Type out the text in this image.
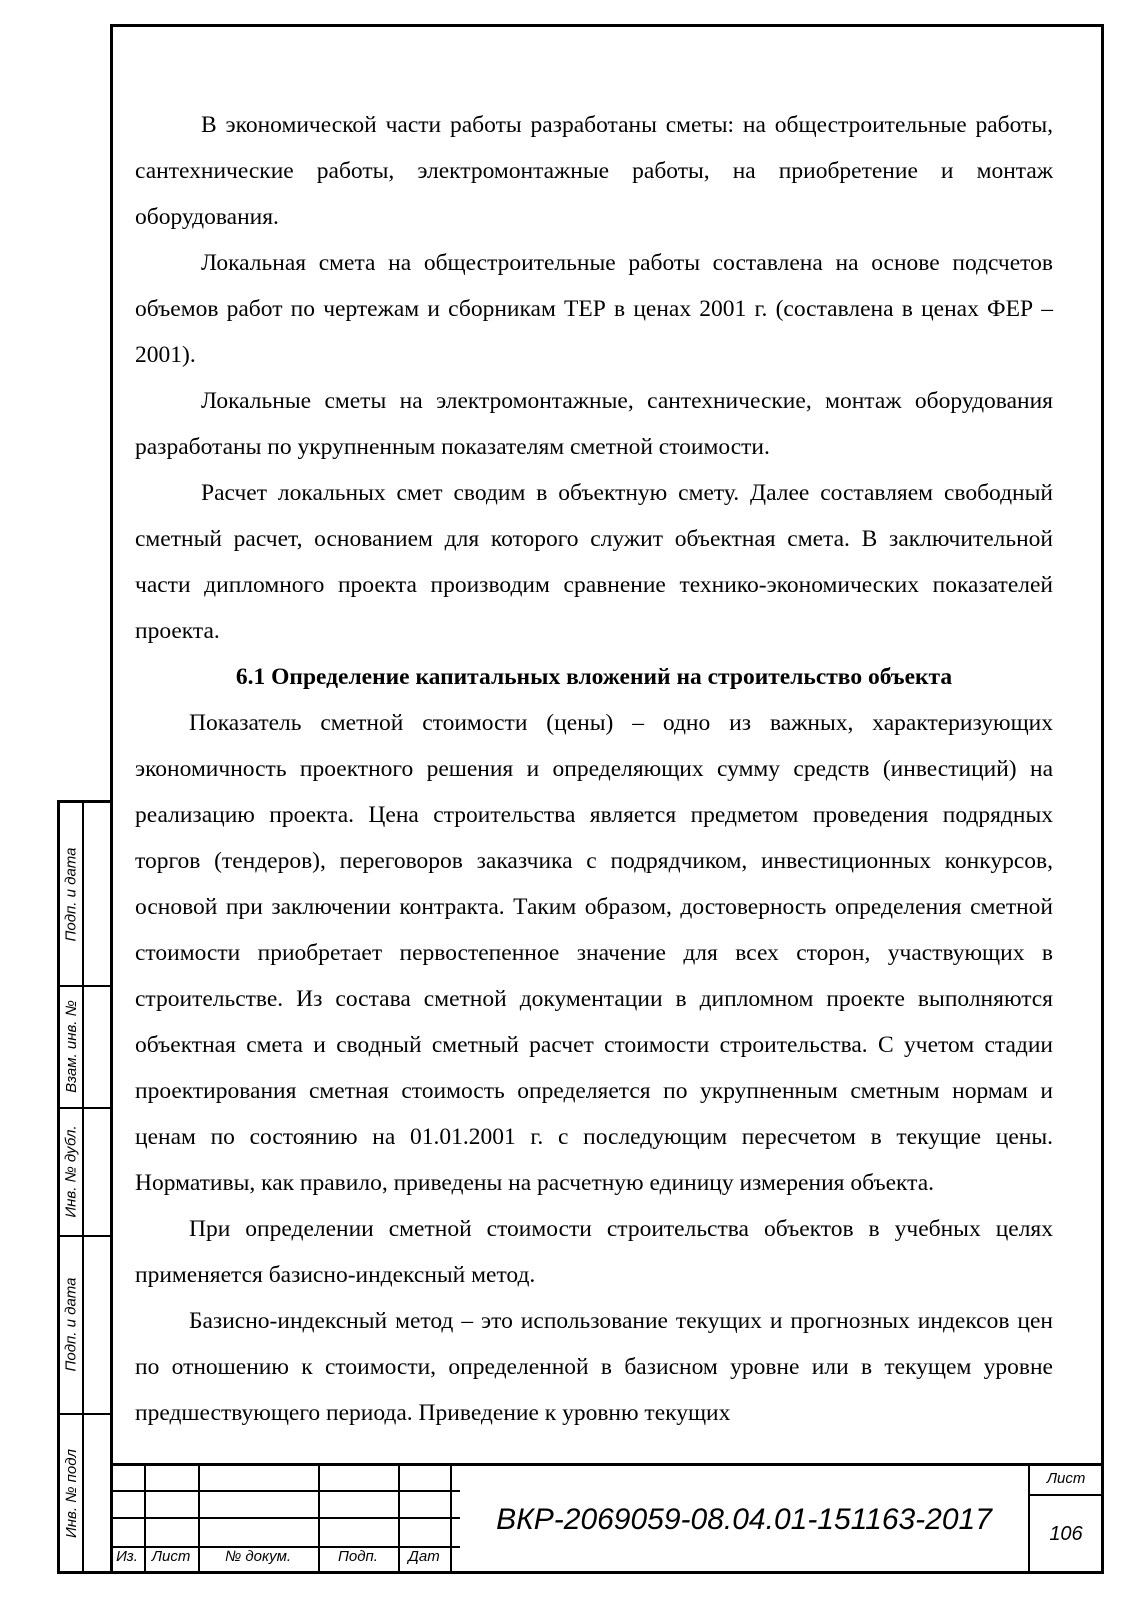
В экономической части работы разработаны сметы: на общестроительные работы, сантехнические работы, электромонтажные работы, на приобретение и монтаж оборудования.

Локальная смета на общестроительные работы составлена на основе подсчетов объемов работ по чертежам и сборникам ТЕР в ценах 2001 г. (составлена в ценах ФЕР – 2001).

Локальные сметы на электромонтажные, сантехнические, монтаж оборудования разработаны по укрупненным показателям сметной стоимости.

Расчет локальных смет сводим в объектную смету. Далее составляем свободный сметный расчет, основанием для которого служит объектная смета. В заключительной части дипломного проекта производим сравнение технико-экономических показателей проекта.

6.1 Определение капитальных вложений на строительство объекта

Показатель сметной стоимости (цены) – одно из важных, характеризующих экономичность проектного решения и определяющих сумму средств (инвестиций) на реализацию проекта. Цена строительства является предметом проведения подрядных торгов (тендеров), переговоров заказчика с подрядчиком, инвестиционных конкурсов, основой при заключении контракта. Таким образом, достоверность определения сметной стоимости приобретает первостепенное значение для всех сторон, участвующих в строительстве. Из состава сметной документации в дипломном проекте выполняются объектная смета и сводный сметный расчет стоимости строительства. С учетом стадии проектирования сметная стоимость определяется по укрупненным сметным нормам и ценам по состоянию на 01.01.2001 г. с последующим пересчетом в текущие цены. Нормативы, как правило, приведены на расчетную единицу измерения объекта.

При определении сметной стоимости строительства объектов в учебных целях применяется базисно-индексный метод.

Базисно-индексный метод – это использование текущих и прогнозных индексов цен по отношению к стоимости, определенной в базисном уровне или в текущем уровне предшествующего периода. Приведение к уровню текущих

Подп. и дата
Взам. инв. №
Инв. № дубл.
Подп. и дата
Инв. № подл
Из. Лист	№ докум.	Подп.	Дат
ВКР-2069059-08.04.01-151163-2017
Лист
106
